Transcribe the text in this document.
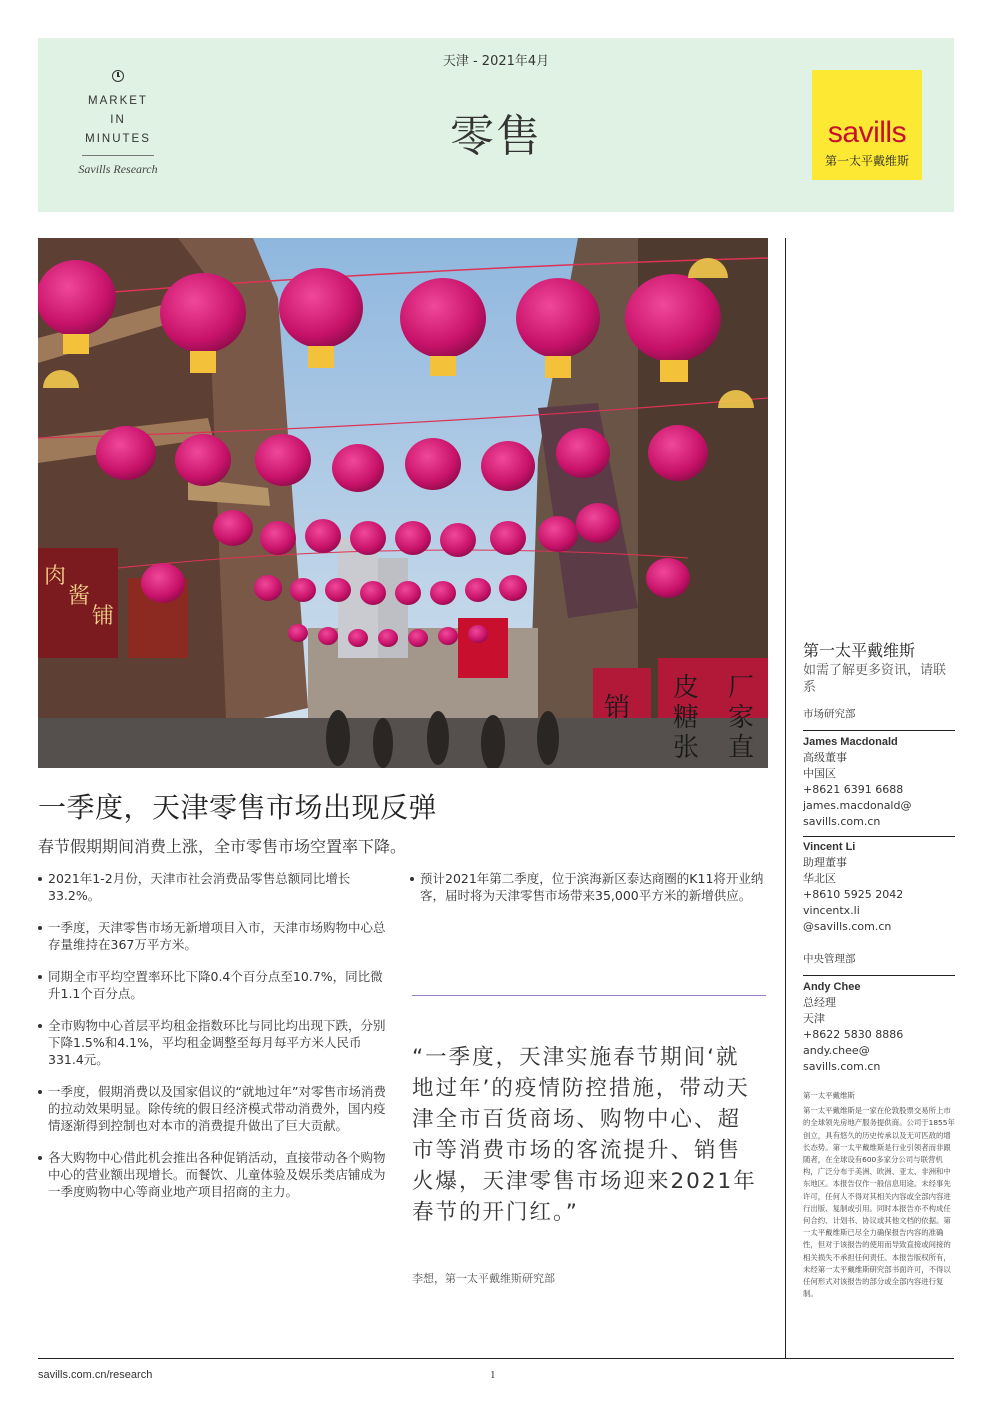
MARKET
IN
MINUTES
Savills Research
天津 - 2021年4月
零售	savills
第一太平戴维斯
皮
糖
张
厂
家
直
销
肉
酱
铺
一季度，天津零售市场出现反弹
春节假期期间消费上涨，全市零售市场空置率下降。
2021年1-2月份，天津市社会消费品零售总额同比增长33.2%。
一季度，天津零售市场无新增项目入市，天津市场购物中心总存量维持在367万平方米。
同期全市平均空置率环比下降0.4个百分点至10.7%，同比微升1.1个百分点。
全市购物中心首层平均租金指数环比与同比均出现下跌，分别下降1.5%和4.1%，平均租金调整至每月每平方米人民币331.4元。
一季度，假期消费以及国家倡议的“就地过年”对零售市场消费的拉动效果明显。除传统的假日经济模式带动消费外，国内疫情逐渐得到控制也对本市的消费提升做出了巨大贡献。
各大购物中心借此机会推出各种促销活动，直接带动各个购物中心的营业额出现增长。而餐饮、儿童体验及娱乐类店铺成为一季度购物中心等商业地产项目招商的主力。
预计2021年第二季度，位于滨海新区泰达商圈的K11将开业纳客，届时将为天津零售市场带来35,000平方米的新增供应。
“一季度，天津实施春节期间‘就地过年’的疫情防控措施，带动天津全市百货商场、购物中心、超市等消费市场的客流提升、销售火爆，天津零售市场迎来2021年春节的开门红。”
李想，第一太平戴维斯研究部
第一太平戴维斯
如需了解更多资讯，请联系
市场研究部
James Macdonald
高级董事
中国区
+8621 6391 6688
james.macdonald@
savills.com.cn
Vincent Li
助理董事
华北区
+8610 5925 2042
vincentx.li
@savills.com.cn
中央管理部
Andy Chee
总经理
天津
+8622 5830 8886
andy.chee@
savills.com.cn
第一太平戴维斯
第一太平戴维斯是一家在伦敦股票交易所上市的全球领先房地产服务提供商。公司于1855年创立，具有悠久的历史传承以及无可匹敌的增长态势。第一太平戴维斯是行业引领者而非跟随者，在全球设有600多家分公司与联营机构，广泛分布于美洲、欧洲、亚太、非洲和中东地区。本报告仅作一般信息用途。未经事先许可，任何人不得对其相关内容或全部内容进行出版、复制或引用。同时本报告亦不构成任何合约、计划书、协议或其他文档的依据。第一太平戴维斯已尽全力确保报告内容的准确性，但对于该报告的使用而导致直接或间接的相关损失不承担任何责任。本报告版权所有，未经第一太平戴维斯研究部书面许可，不得以任何形式对该报告的部分或全部内容进行复制。
savills.com.cn/research	1
